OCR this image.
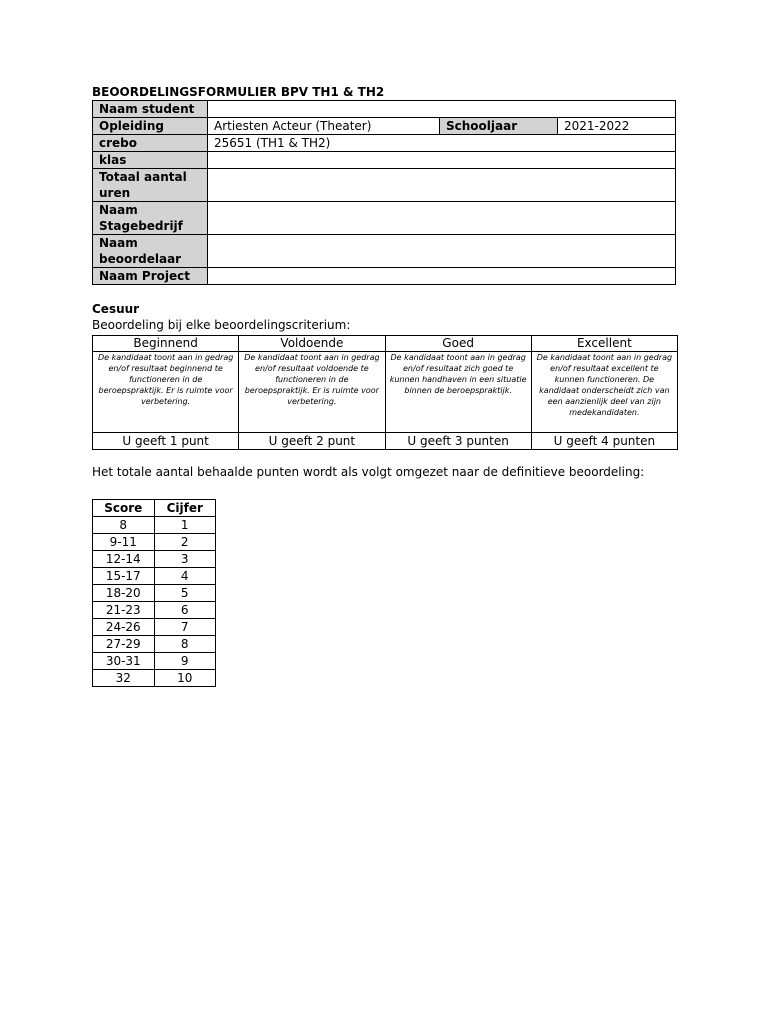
BEOORDELINGSFORMULIER BPV TH1 & TH2
Naam student			
Opleiding	Artiesten Acteur (Theater)	Schooljaar	2021-2022
crebo	25651 (TH1 & TH2)		
klas			
Totaal aantal uren			
Naam Stagebedrijf			
Naam beoordelaar			
Naam Project			
Cesuur
Beoordeling bij elke beoordelingscriterium:
Beginnend	Voldoende	Goed	Excellent
De kandidaat toont aan in gedrag en/of resultaat beginnend te functioneren in de beroepspraktijk. Er is ruimte voor verbetering.	De kandidaat toont aan in gedrag en/of resultaat voldoende te functioneren in de beroepspraktijk. Er is ruimte voor verbetering.	De kandidaat toont aan in gedrag en/of resultaat zich goed te kunnen handhaven in een situatie binnen de beroepspraktijk.	De kandidaat toont aan in gedrag en/of resultaat excellent te kunnen functioneren. De kandidaat onderscheidt zich van een aanzienlijk deel van zijn medekandidaten.
U geeft 1 punt	U geeft 2 punt	U geeft 3 punten	U geeft 4 punten
Het totale aantal behaalde punten wordt als volgt omgezet naar de definitieve beoordeling:
Score	Cijfer
8	1
9-11	2
12-14	3
15-17	4
18-20	5
21-23	6
24-26	7
27-29	8
30-31	9
32	10
